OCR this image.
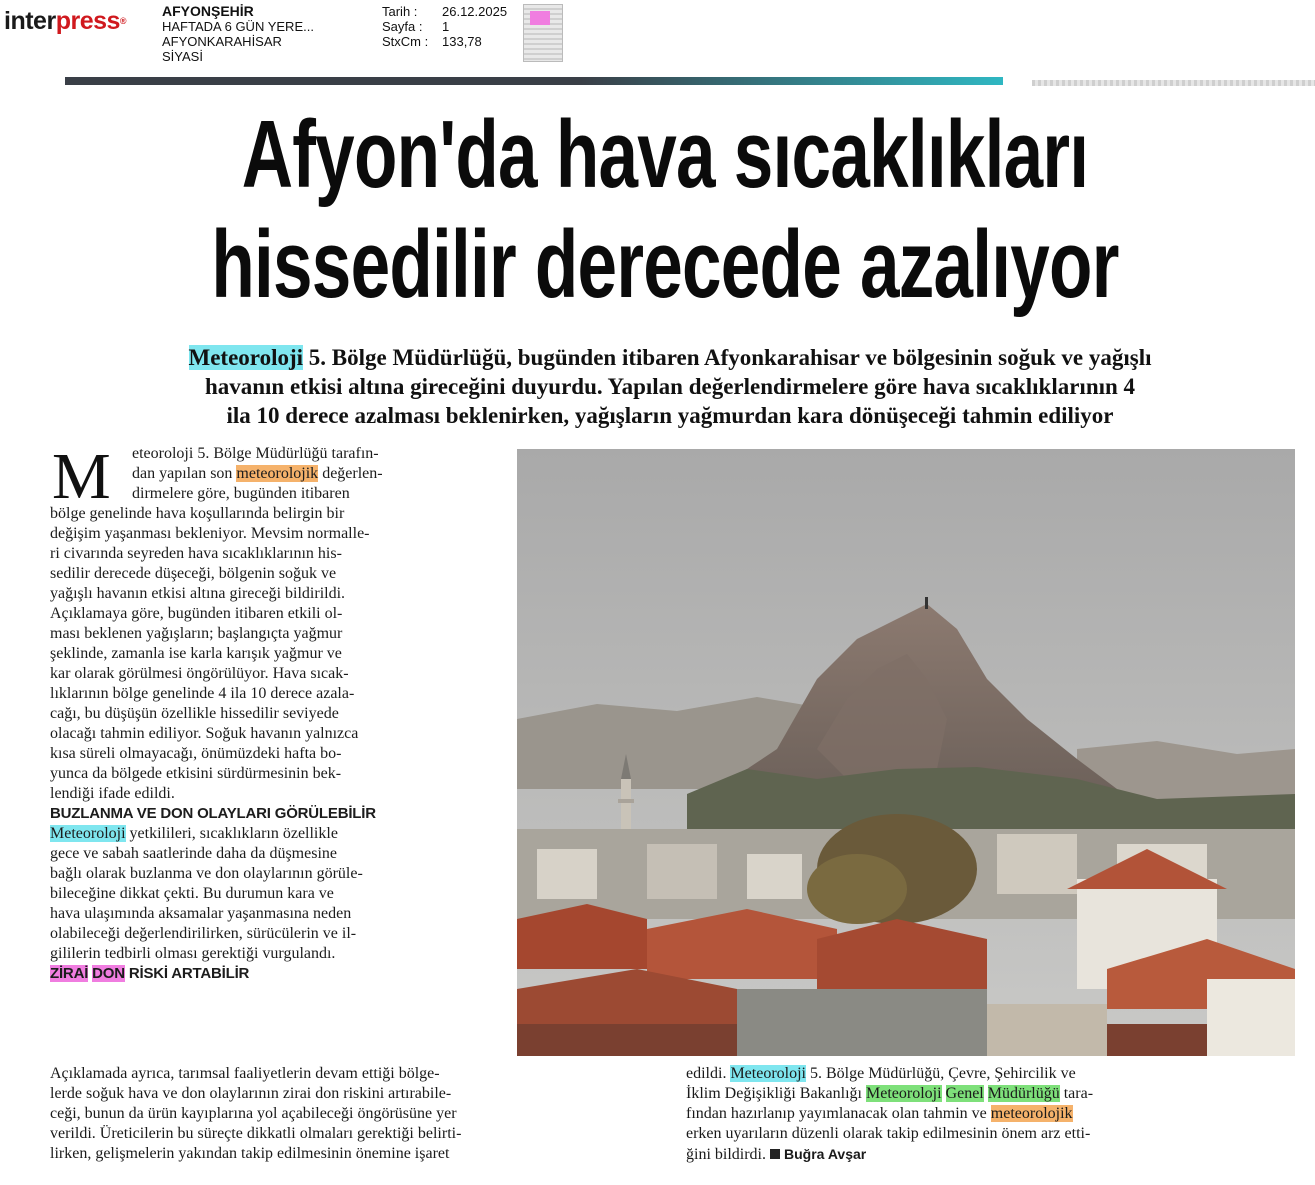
interpress®
AFYONŞEHİR
HAFTADA 6 GÜN YERE...
AFYONKARAHİSAR
SİYASİ
Tarih :
Sayfa :
StxCm :
26.12.2025
1
133,78
Afyon'da hava sıcaklıkları
hissedilir derecede azalıyor
Meteoroloji 5. Bölge Müdürlüğü, bugünden itibaren Afyonkarahisar ve bölgesinin soğuk ve yağışlı
havanın etkisi altına gireceğini duyurdu. Yapılan değerlendirmelere göre hava sıcaklıklarının 4
ila 10 derece azalması beklenirken, yağışların yağmurdan kara dönüşeceği tahmin ediliyor
M	eteoroloji 5. Bölge Müdürlüğü tarafın-
dan yapılan son meteorolojik değerlen-
dirmelere göre, bugünden itibaren
bölge genelinde hava koşullarında belirgin bir
değişim yaşanması bekleniyor. Mevsim normalle-
ri civarında seyreden hava sıcaklıklarının his-
sedilir derecede düşeceği, bölgenin soğuk ve
yağışlı havanın etkisi altına gireceği bildirildi.
Açıklamaya göre, bugünden itibaren etkili ol-
ması beklenen yağışların; başlangıçta yağmur
şeklinde, zamanla ise karla karışık yağmur ve
kar olarak görülmesi öngörülüyor. Hava sıcak-
lıklarının bölge genelinde 4 ila 10 derece azala-
cağı, bu düşüşün özellikle hissedilir seviyede
olacağı tahmin ediliyor. Soğuk havanın yalnızca
kısa süreli olmayacağı, önümüzdeki hafta bo-
yunca da bölgede etkisini sürdürmesinin bek-
lendiği ifade edildi.
BUZLANMA VE DON OLAYLARI GÖRÜLEBİLİR
Meteoroloji yetkilileri, sıcaklıkların özellikle
gece ve sabah saatlerinde daha da düşmesine
bağlı olarak buzlanma ve don olaylarının görüle-
bileceğine dikkat çekti. Bu durumun kara ve
hava ulaşımında aksamalar yaşanmasına neden
olabileceği değerlendirilirken, sürücülerin ve il-
gililerin tedbirli olması gerektiği vurgulandı.
ZİRAİ DON RİSKİ ARTABİLİR
Açıklamada ayrıca, tarımsal faaliyetlerin devam ettiği bölge-
lerde soğuk hava ve don olaylarının zirai don riskini artırabile-
ceği, bunun da ürün kayıplarına yol açabileceği öngörüsüne yer
verildi. Üreticilerin bu süreçte dikkatli olmaları gerektiği belirti-
lirken, gelişmelerin yakından takip edilmesinin önemine işaret
edildi. Meteoroloji 5. Bölge Müdürlüğü, Çevre, Şehircilik ve
İklim Değişikliği Bakanlığı Meteoroloji Genel Müdürlüğü tara-
fından hazırlanıp yayımlanacak olan tahmin ve meteorolojik
erken uyarıların düzenli olarak takip edilmesinin önem arz etti-
ğini bildirdi. Buğra Avşar
